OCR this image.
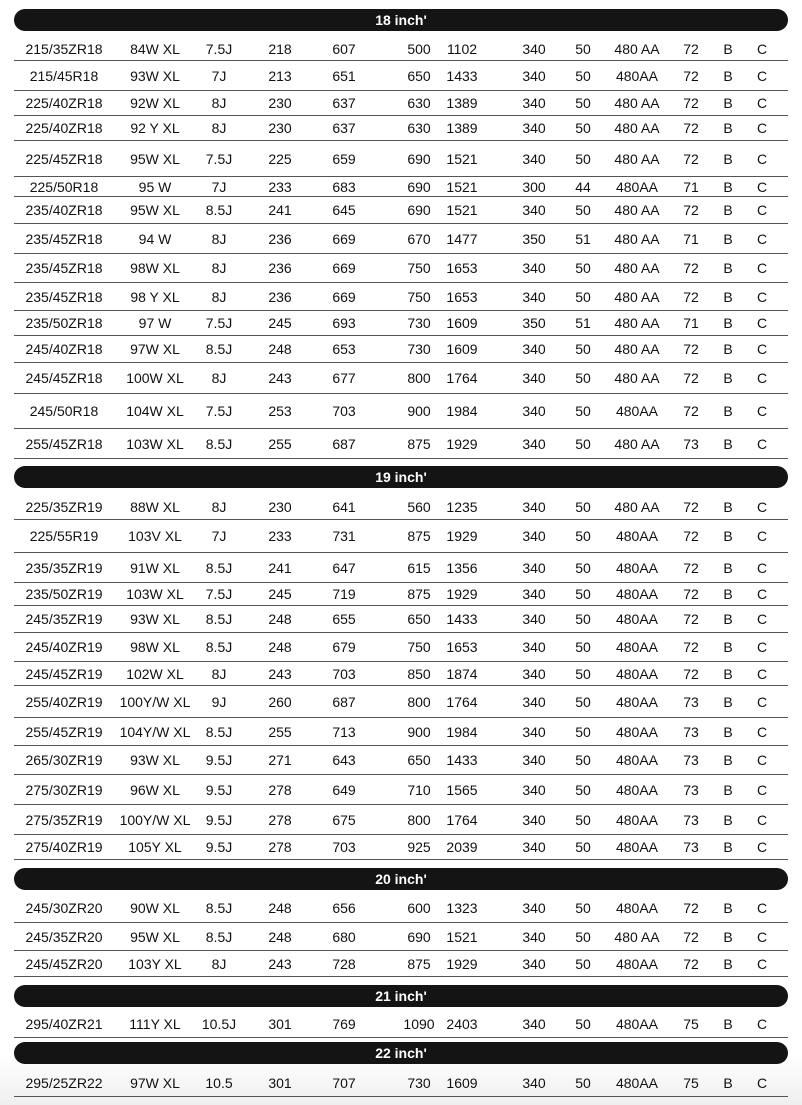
18 inch'
215/35ZR18	84W XL	7.5J	218	607	500	1102	340	50	480 AA	72	B	C
215/45R18	93W XL	7J	213	651	650	1433	340	50	480AA	72	B	C
225/40ZR18	92W XL	8J	230	637	630	1389	340	50	480 AA	72	B	C
225/40ZR18	92 Y XL	8J	230	637	630	1389	340	50	480 AA	72	B	C
225/45ZR18	95W XL	7.5J	225	659	690	1521	340	50	480 AA	72	B	C
225/50R18	95 W	7J	233	683	690	1521	300	44	480AA	71	B	C
235/40ZR18	95W XL	8.5J	241	645	690	1521	340	50	480 AA	72	B	C
235/45ZR18	94 W	8J	236	669	670	1477	350	51	480 AA	71	B	C
235/45ZR18	98W XL	8J	236	669	750	1653	340	50	480 AA	72	B	C
235/45ZR18	98 Y XL	8J	236	669	750	1653	340	50	480 AA	72	B	C
235/50ZR18	97 W	7.5J	245	693	730	1609	350	51	480 AA	71	B	C
245/40ZR18	97W XL	8.5J	248	653	730	1609	340	50	480 AA	72	B	C
245/45ZR18	100W XL	8J	243	677	800	1764	340	50	480 AA	72	B	C
245/50R18	104W XL	7.5J	253	703	900	1984	340	50	480AA	72	B	C
255/45ZR18	103W XL	8.5J	255	687	875	1929	340	50	480 AA	73	B	C
19 inch'
225/35ZR19	88W XL	8J	230	641	560	1235	340	50	480 AA	72	B	C
225/55R19	103V XL	7J	233	731	875	1929	340	50	480AA	72	B	C
235/35ZR19	91W XL	8.5J	241	647	615	1356	340	50	480AA	72	B	C
235/50ZR19	103W XL	7.5J	245	719	875	1929	340	50	480AA	72	B	C
245/35ZR19	93W XL	8.5J	248	655	650	1433	340	50	480AA	72	B	C
245/40ZR19	98W XL	8.5J	248	679	750	1653	340	50	480AA	72	B	C
245/45ZR19	102W XL	8J	243	703	850	1874	340	50	480AA	72	B	C
255/40ZR19	100Y/W XL	9J	260	687	800	1764	340	50	480AA	73	B	C
255/45ZR19	104Y/W XL	8.5J	255	713	900	1984	340	50	480AA	73	B	C
265/30ZR19	93W XL	9.5J	271	643	650	1433	340	50	480AA	73	B	C
275/30ZR19	96W XL	9.5J	278	649	710	1565	340	50	480AA	73	B	C
275/35ZR19	100Y/W XL	9.5J	278	675	800	1764	340	50	480AA	73	B	C
275/40ZR19	105Y XL	9.5J	278	703	925	2039	340	50	480AA	73	B	C
20 inch'
245/30ZR20	90W XL	8.5J	248	656	600	1323	340	50	480AA	72	B	C
245/35ZR20	95W XL	8.5J	248	680	690	1521	340	50	480 AA	72	B	C
245/45ZR20	103Y XL	8J	243	728	875	1929	340	50	480AA	72	B	C
21 inch'
295/40ZR21	111Y XL	10.5J	301	769	1090 2403	340	50	480AA	75	B	C
22 inch'
295/25ZR22	97W XL	10.5	301	707	730	1609	340	50	480AA	75	B	C
